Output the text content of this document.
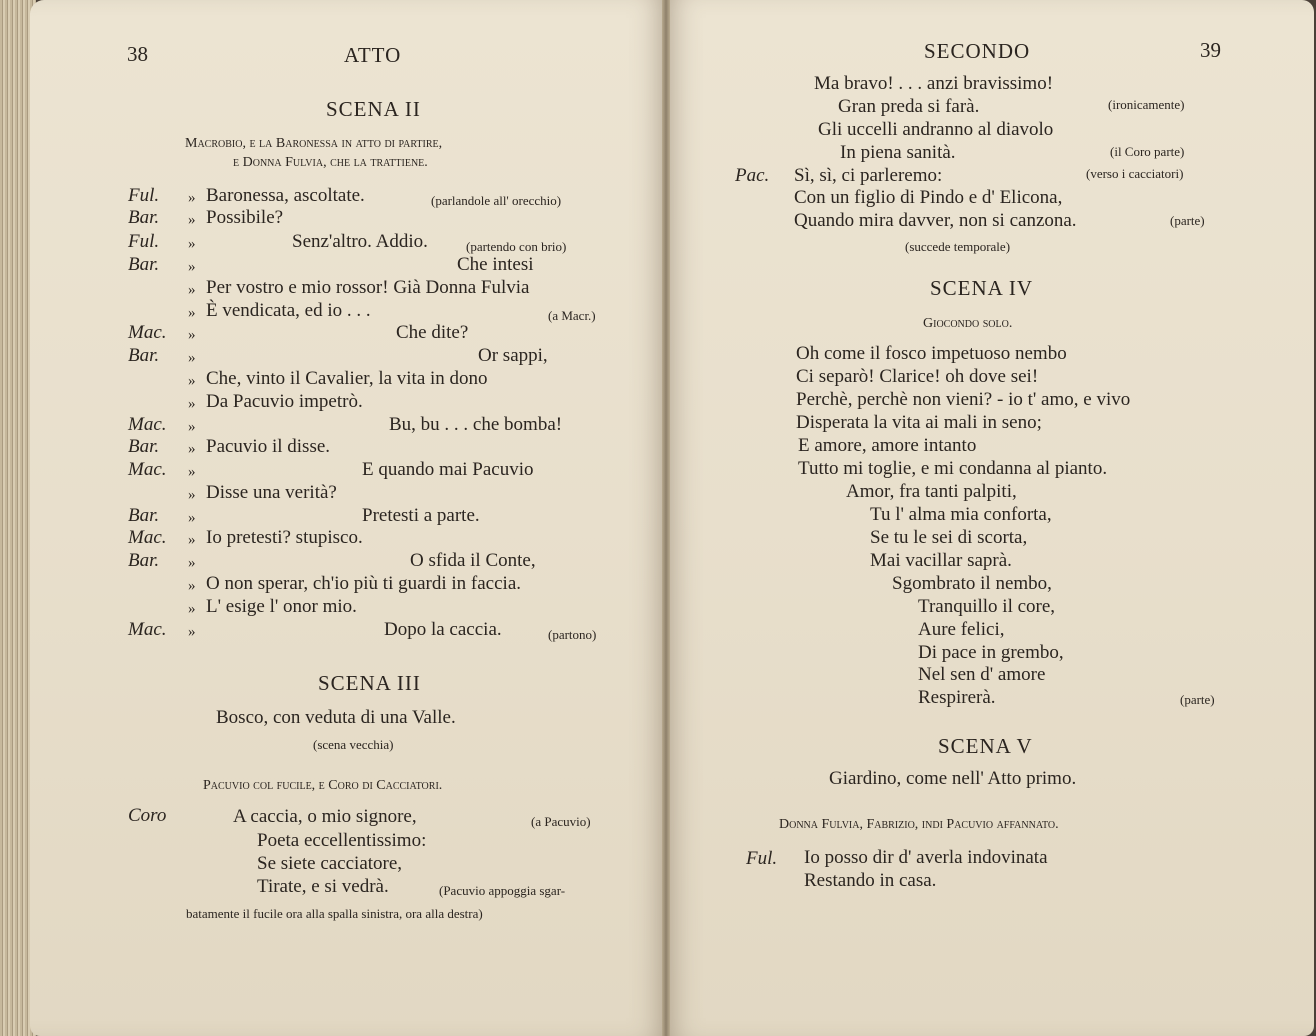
38	ATTO
SCENA II
Macrobio, e la Baronessa in atto di partire,
e Donna Fulvia, che la trattiene.
Ful. » Baronessa, ascoltate.	(parlandole all' orecchio)
Bar. » Possibile?
Ful. »	Senz'altro. Addio.	(partendo con brio)
Bar. »	Che intesi
» Per vostro e mio rossor! Già Donna Fulvia
» È vendicata, ed io . . .	(a Macr.)
Mac. »	Che dite?
Bar. »	Or sappi,
» Che, vinto il Cavalier, la vita in dono
» Da Pacuvio impetrò.
Mac. »	Bu, bu . . . che bomba!
Bar. » Pacuvio il disse.
Mac. »	E quando mai Pacuvio
» Disse una verità?
Bar. »	Pretesti a parte.
Mac. » Io pretesti? stupisco.
Bar. »	O sfida il Conte,
» O non sperar, ch'io più ti guardi in faccia.
» L' esige l' onor mio.
Mac. »	Dopo la caccia.	(partono)
SCENA III
Bosco, con veduta di una Valle.
(scena vecchia)
Pacuvio col fucile, e Coro di Cacciatori.
Coro	A caccia, o mio signore,	(a Pacuvio)
Poeta eccellentissimo:
Se siete cacciatore,
Tirate, e si vedrà.	(Pacuvio appoggia sgar-
batamente il fucile ora alla spalla sinistra, ora alla destra)
SECONDO	39
Ma bravo! . . . anzi bravissimo!
Gran preda si farà.	(ironicamente)
Gli uccelli andranno al diavolo
In piena sanità.	(il Coro parte)
Pac. Sì, sì, ci parleremo:	(verso i cacciatori)
Con un figlio di Pindo e d' Elicona,
Quando mira davver, non si canzona.	(parte)
(succede temporale)
SCENA IV
Giocondo solo.
Oh come il fosco impetuoso nembo
Ci separò! Clarice! oh dove sei!
Perchè, perchè non vieni? - io t' amo, e vivo
Disperata la vita ai mali in seno;
E amore, amore intanto
Tutto mi toglie, e mi condanna al pianto.
Amor, fra tanti palpiti,
Tu l' alma mia conforta,
Se tu le sei di scorta,
Mai vacillar saprà.
Sgombrato il nembo,
Tranquillo il core,
Aure felici,
Di pace in grembo,
Nel sen d' amore
Respirerà.	(parte)
SCENA V
Giardino, come nell' Atto primo.
Donna Fulvia, Fabrizio, indi Pacuvio affannato.
Ful. Io posso dir d' averla indovinata
Restando in casa.
